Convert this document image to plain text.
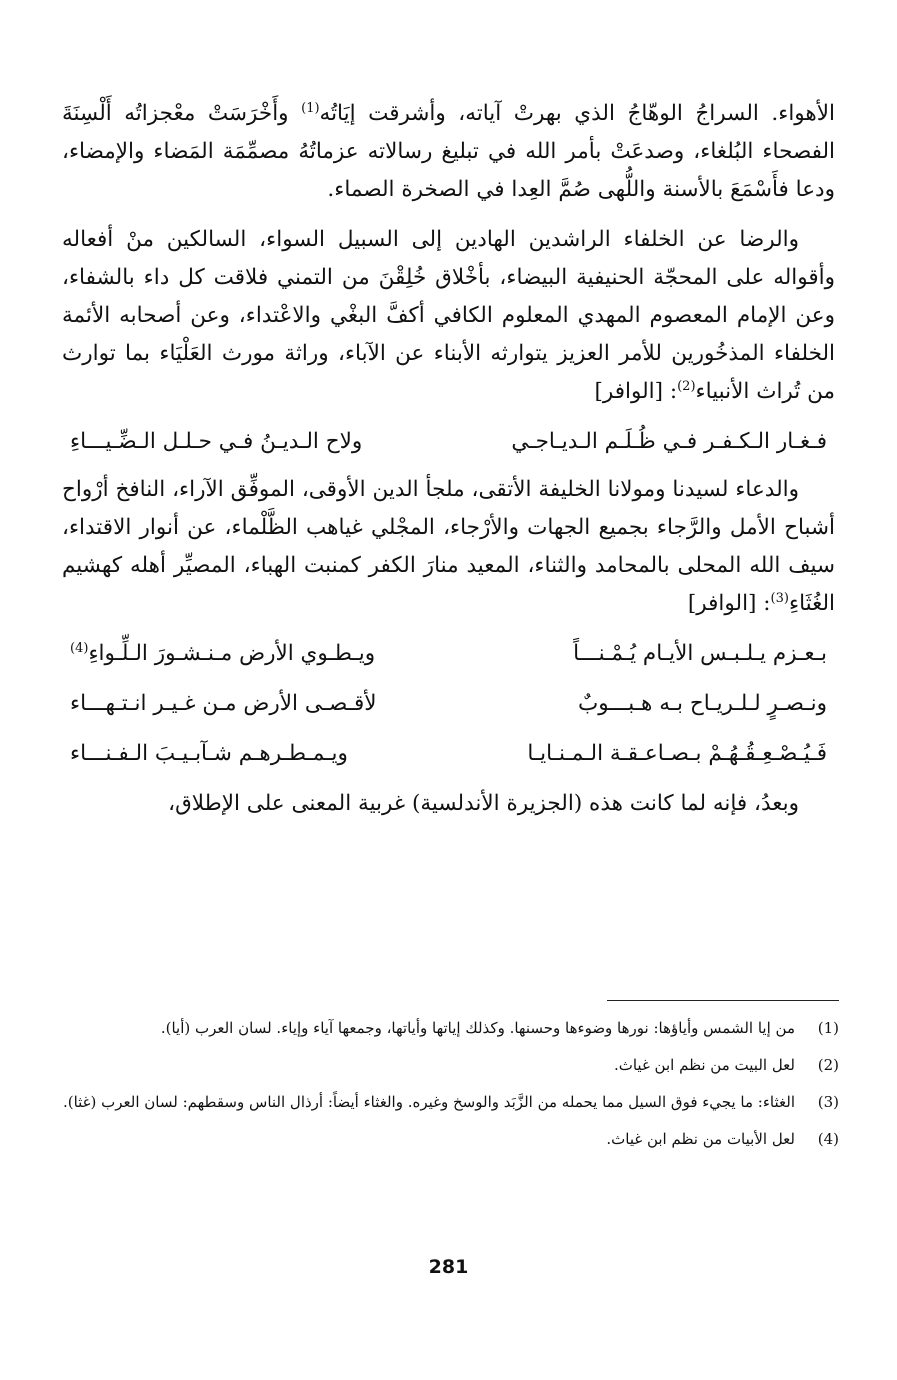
الأهواء. السراجُ الوهّاجُ الذي بهرتْ آياته، وأشرقت إيَاتُه$^{(1)}$ وأَخْرَسَتْ معْجزاتُه أَلْسِنَةَ الفصحاء البُلغاء، وصدعَتْ بأمر الله في تبليغ رسالاته عزماتُهُ مصمِّمَة المَضاء والإمضاء، ودعا فأَسْمَعَ بالأسنة واللُّهى صُمَّ العِدا في الصخرة الصماء.

والرضا عن الخلفاء الراشدين الهادين إلى السبيل السواء، السالكين منْ أفعاله وأقواله على المحجّة الحنيفية البيضاء، بأخْلاق خُلِقْنَ من التمني فلاقت كل داء بالشفاء، وعن الإمام المعصوم المهدي المعلوم الكافي أكفَّ البغْي والاعْتداء، وعن أصحابه الأئمة الخلفاء المذخُورين للأمر العزيز يتوارثه الأبناء عن الآباء، وراثة مورث العَلْيَاء بما توارث من تُراث الأنبياء$^{(2)}$: [الوافر]

فـغـار الـكـفـر فـي ظُـلَـم الـديـاجـي
ولاح الـديـنُ فـي حـلـل الـضِّـيـــاءِ

والدعاء لسيدنا ومولانا الخليفة الأتقى، ملجأ الدين الأوقى، الموفِّق الآراء، النافخ أرْواح أشباح الأمل والرَّجاء بجميع الجهات والأرْجاء، المجْلي غياهب الظَّلْماء، عن أنوار الاقتداء، سيف الله المحلى بالمحامد والثناء، المعيد منارَ الكفر كمنبت الهباء، المصيِّر أهله كهشيم الغُثَاءِ$^{(3)}$: [الوافر]

بـعـزم يـلـبـس الأيـام يُـمْـنـــاً
ويـطـوي الأرض مـنـشـورَ الـلِّـواءِ$^{(4)}$
ونـصـرٍ لـلـريـاح بـه هـبـــوبٌ
لأقـصـى الأرض مـن غـيـر انـتـهـــاء
فَـيُـصْـعِـقُـهُـمْ بـصـاعـقـة الـمـنـايـا
ويـمـطـرهـم شـآبـيـبَ الـفـنـــاء

وبعدُ، فإنه لما كانت هذه (الجزيرة الأندلسية) غربية المعنى على الإطلاق،

(1)
من إيا الشمس وأياؤها: نورها وضوءها وحسنها. وكذلك إياتها وأياتها، وجمعها آياء وإياء. لسان العرب (أيا).
(2)
لعل البيت من نظم ابن غياث.
(3)
الغثاء: ما يجيء فوق السيل مما يحمله من الزَّبَد والوسخ وغيره. والغثاء أيضاً: أرذال الناس وسقطهم: لسان العرب (غثا).
(4)
لعل الأبيات من نظم ابن غياث.
281
